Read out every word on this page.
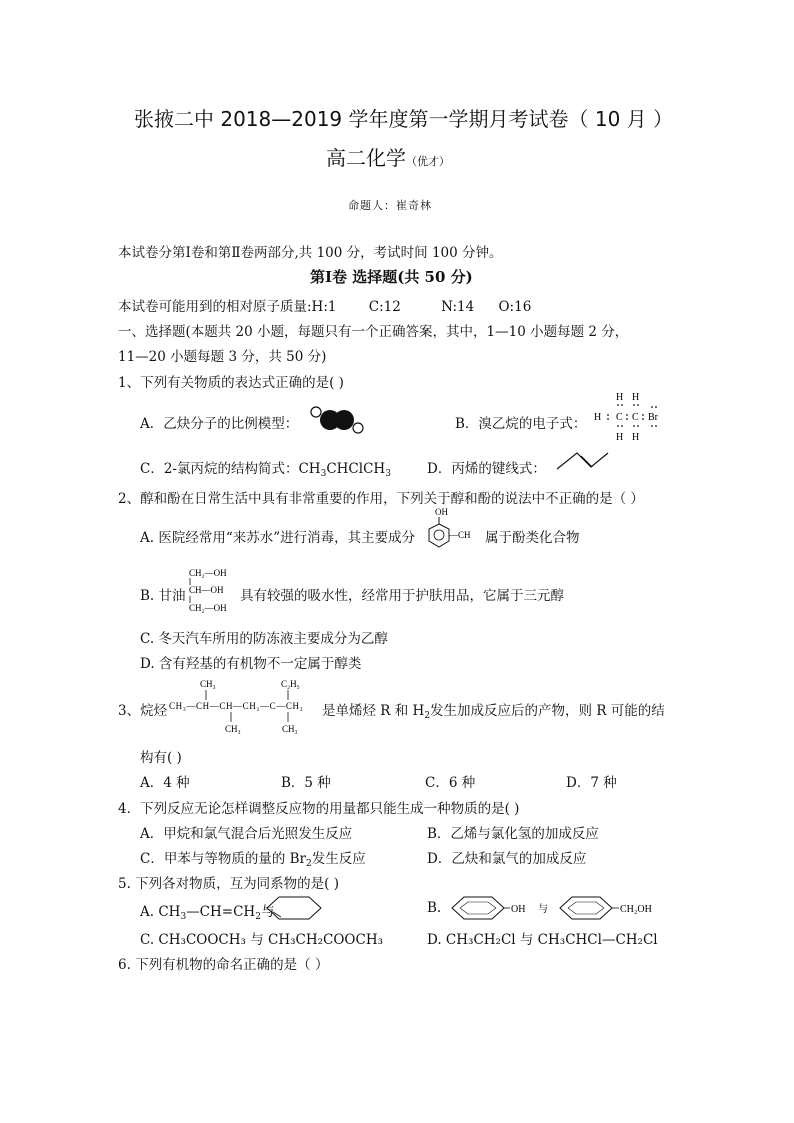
张掖二中 2018—2019 学年度第一学期月考试卷（ 10 月 ）
高二化学（优才）
命题人：崔奇林
本试卷分第Ⅰ卷和第Ⅱ卷两部分,共 100 分，考试时间 100 分钟。
第Ⅰ卷 选择题(共 50 分)
本试卷可能用到的相对原子质量:H:1 C:12	N:14 O:16
一、选择题(本题共 20 小题，每题只有一个正确答案，其中，1—10 小题每题 2 分，
11—20 小题每题 3 分，共 50 分)
1、下列有关物质的表达式正确的是( )
A．乙炔分子的比例模型：	B．溴乙烷的电子式：
H H
H C C Br
H H
C．2-氯丙烷的结构简式：$CH_3CHClCH_3$	D．丙烯的键线式：
2、醇和酚在日常生活中具有非常重要的作用，下列关于醇和酚的说法中不正确的是（ ）
A. 医院经常用“来苏水”进行消毒，其主要成分
OH
—CH 属于酚类化合物
B. 甘油
CH₂—OH
CH—OH
CH₂—OH
具有较强的吸水性，经常用于护肤用品，它属于三元醇
C. 冬天汽车所用的防冻液主要成分为乙醇
D. 含有羟基的有机物不一定属于醇类
3、烷烃 CH₃—CH—CH—CH₂—C—CH₃
CH₃	C₂H₅
CH₃	CH₃
是单烯烃 R 和 $H_2$发生加成反应后的产物，则 R 可能的结
构有( )
A．4 种	B．5 种	C．6 种	D．7 种
4．下列反应无论怎样调整反应物的用量都只能生成一种物质的是( )
A．甲烷和氯气混合后光照发生反应	B．乙烯与氯化氢的加成反应
C．甲苯与等物质的量的 $Br_2$发生反应	D．乙炔和氯气的加成反应
5. 下列各对物质，互为同系物的是( )
A. $CH_3—CH=CH_2$与	B.	OH 与	CH₂OH
C. CH₃COOCH₃ 与 CH₃CH₂COOCH₃	D. CH₃CH₂Cl 与 CH₃CHCl—CH₂Cl
6. 下列有机物的命名正确的是（ ）
